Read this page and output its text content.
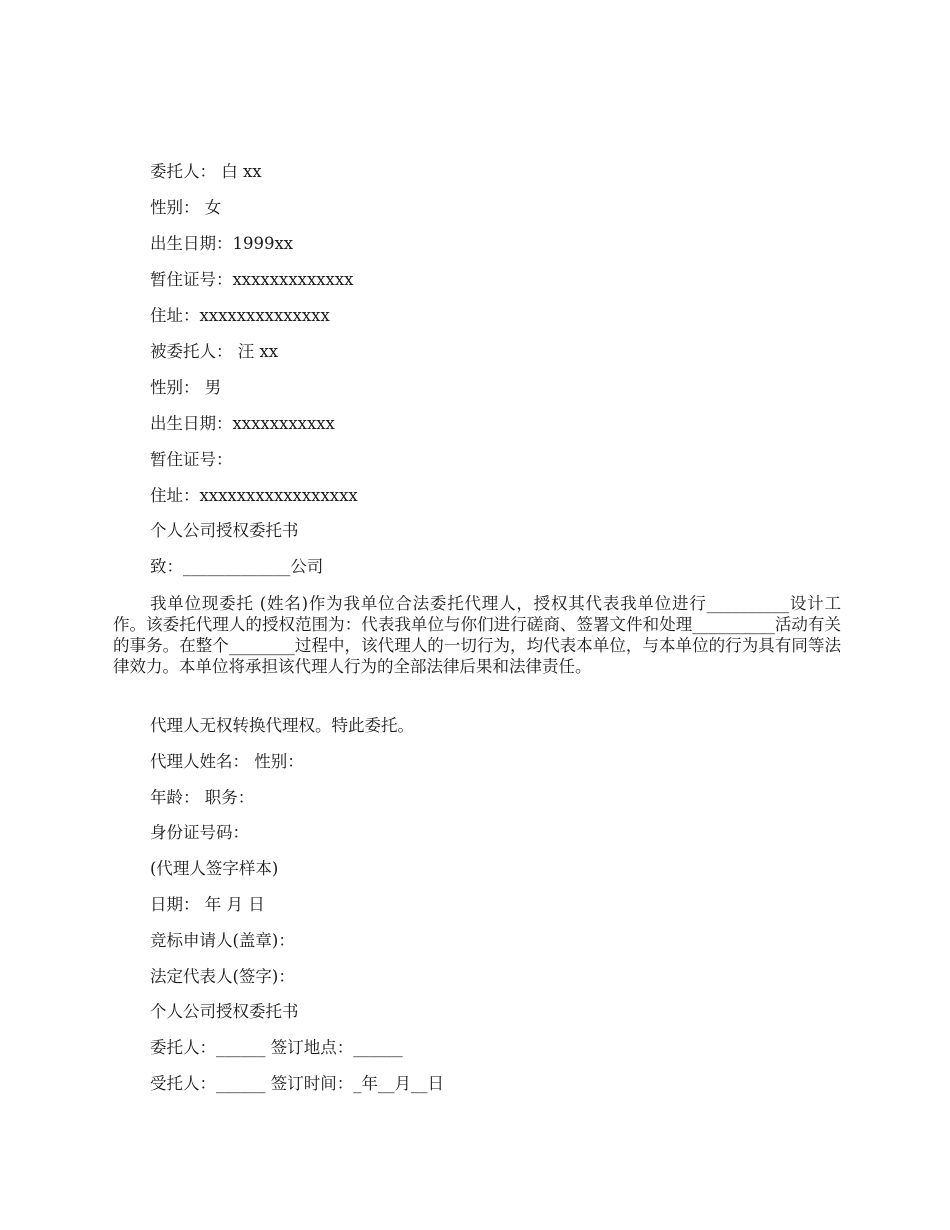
委托人： 白 xx
性别： 女
出生日期：1999xx
暂住证号：xxxxxxxxxxxxx
住址：xxxxxxxxxxxxxx
被委托人： 汪 xx
性别： 男
出生日期：xxxxxxxxxxx
暂住证号：
住址：xxxxxxxxxxxxxxxxx
个人公司授权委托书
致：_____________公司
我单位现委托 (姓名)作为我单位合法委托代理人，授权其代表我单位进行__________设计工作。该委托代理人的授权范围为：代表我单位与你们进行磋商、签署文件和处理__________活动有关的事务。在整个________过程中，该代理人的一切行为，均代表本单位，与本单位的行为具有同等法律效力。本单位将承担该代理人行为的全部法律后果和法律责任。
代理人无权转换代理权。特此委托。
代理人姓名： 性别：
年龄： 职务：
身份证号码：
(代理人签字样本)
日期： 年 月 日
竞标申请人(盖章)：
法定代表人(签字)：
个人公司授权委托书
委托人：______ 签订地点：______
受托人：______ 签订时间：_年__月__日
